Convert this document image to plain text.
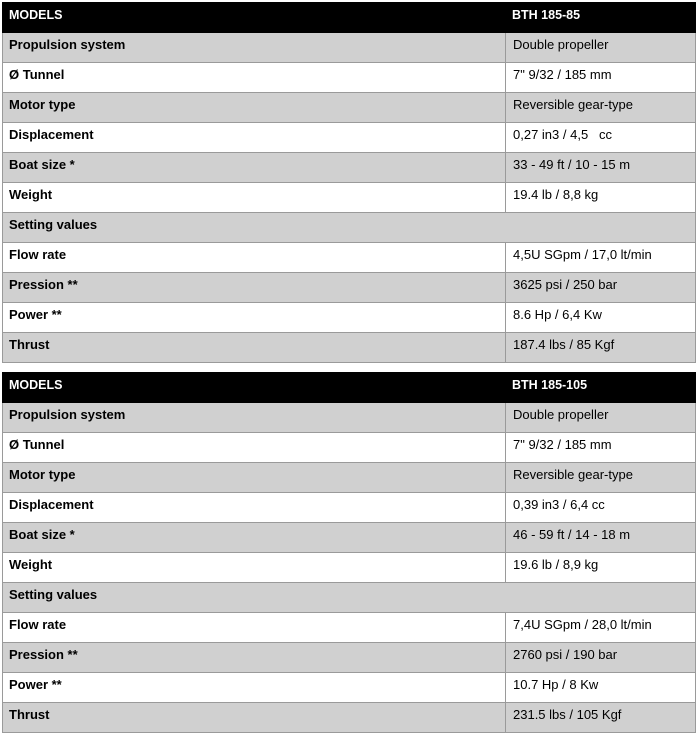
MODELS	BTH 185-85

Propulsion system	Double propeller

Ø Tunnel	7" 9/32 / 185 mm

Motor type	Reversible gear-type

Displacement	0,27 in3 / 4,5   cc

Boat size *	33 - 49 ft / 10 - 15 m

Weight	19.4 lb / 8,8 kg

Setting values	

Flow rate	4,5U SGpm / 17,0 lt/min

Pression **	3625 psi / 250 bar

Power **	8.6 Hp / 6,4 Kw

Thrust	187.4 lbs / 85 Kgf
MODELS	BTH 185-105

Propulsion system	Double propeller

Ø Tunnel	7" 9/32 / 185 mm

Motor type	Reversible gear-type

Displacement	0,39 in3 / 6,4 cc

Boat size *	46 - 59 ft / 14 - 18 m

Weight	19.6 lb / 8,9 kg

Setting values	

Flow rate	7,4U SGpm / 28,0 lt/min

Pression **	2760 psi / 190 bar

Power **	10.7 Hp / 8 Kw

Thrust	231.5 lbs / 105 Kgf
